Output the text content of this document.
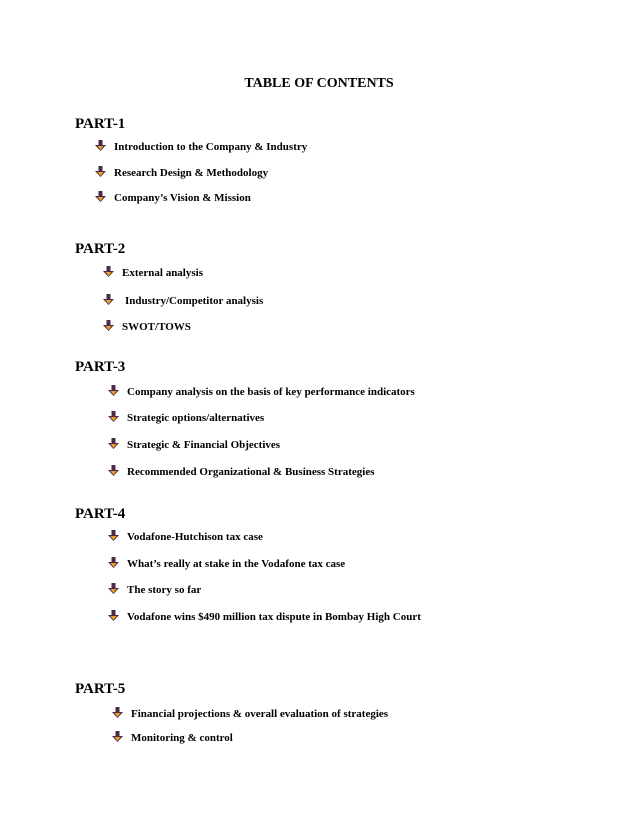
TABLE OF CONTENTS
PART-1
Introduction to the Company & Industry
Research Design & Methodology
Company’s Vision & Mission
PART-2
External analysis
Industry/Competitor analysis
SWOT/TOWS
PART-3
Company analysis on the basis of key performance indicators
Strategic options/alternatives
Strategic & Financial Objectives
Recommended Organizational & Business Strategies
PART-4
Vodafone-Hutchison tax case
What’s really at stake in the Vodafone tax case
The story so far
Vodafone wins $490 million tax dispute in Bombay High Court
PART-5
Financial projections & overall evaluation of strategies
Monitoring & control
